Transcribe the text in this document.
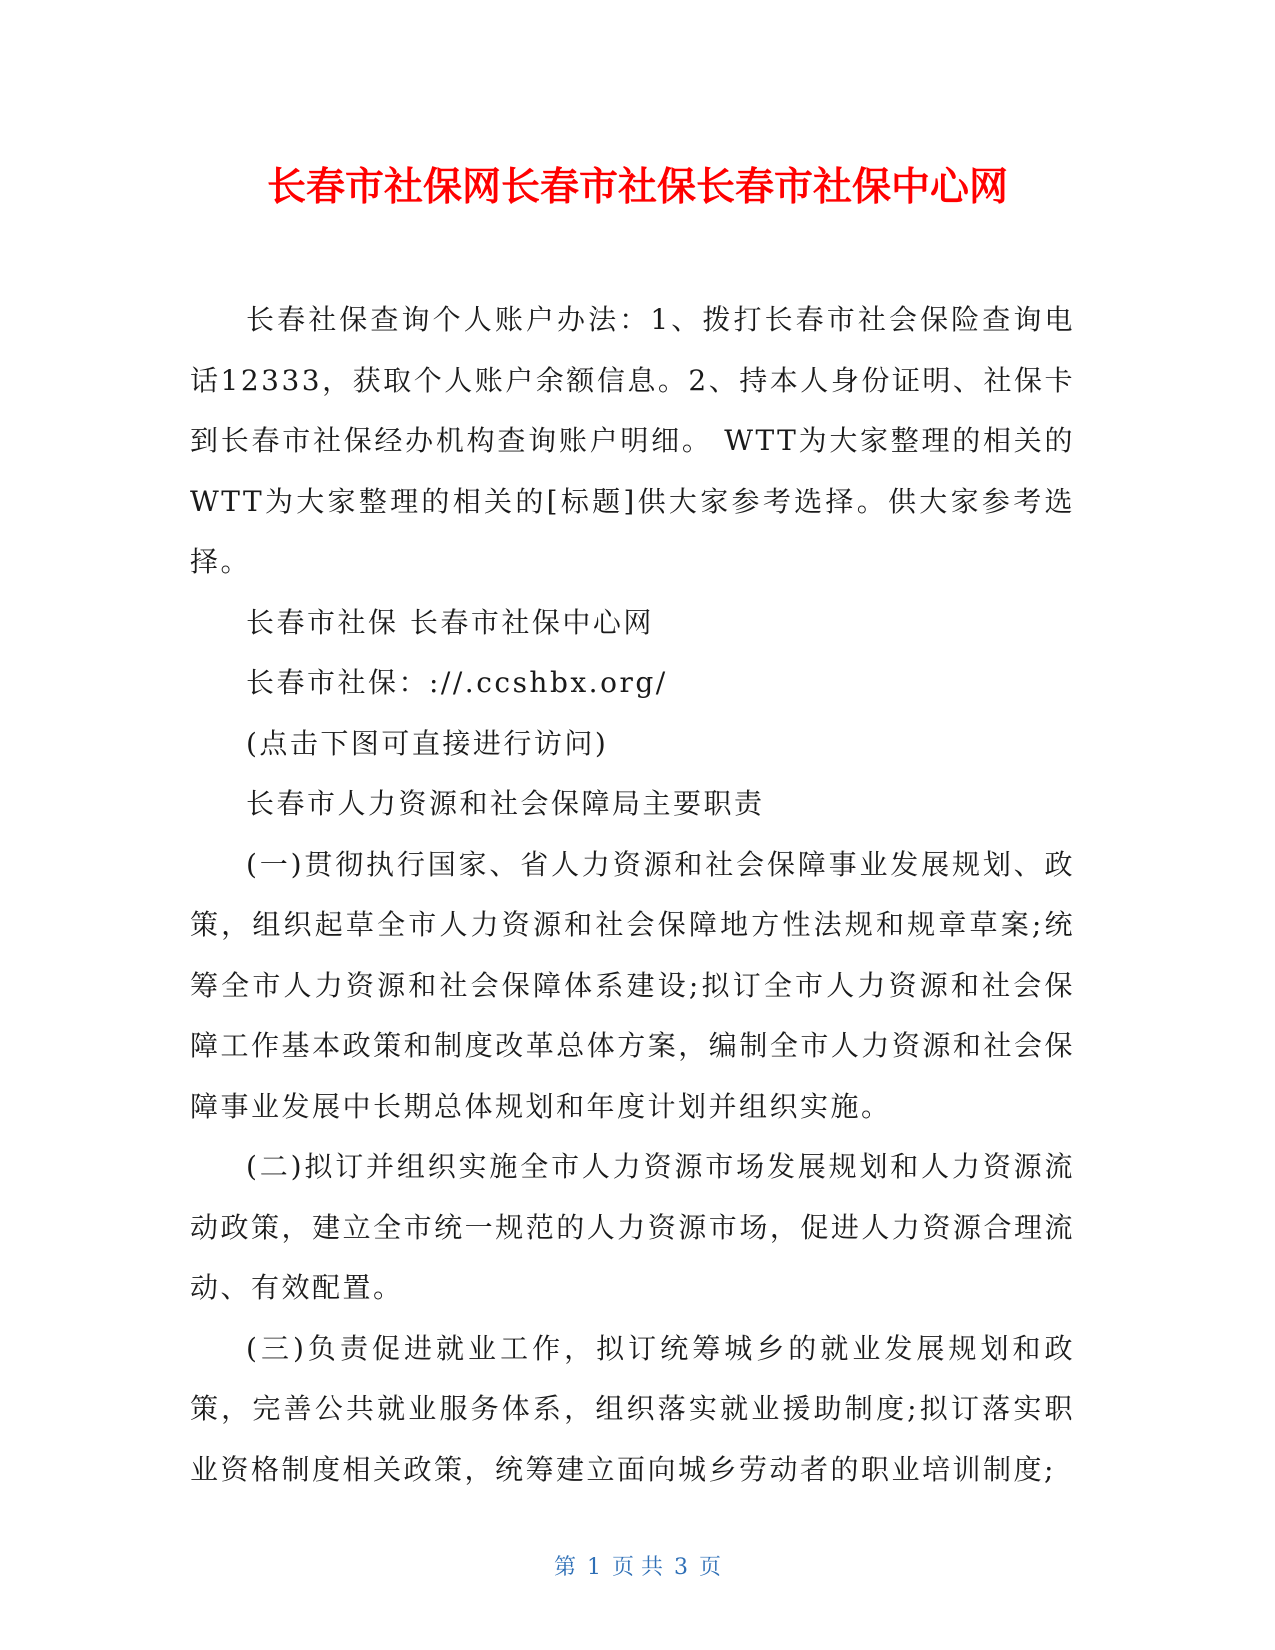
长春市社保网长春市社保长春市社保中心网

长春社保查询个人账户办法：1、拨打长春市社会保险查询电话12333，获取个人账户余额信息。2、持本人身份证明、社保卡到长春市社保经办机构查询账户明细。 WTT为大家整理的相关的WTT为大家整理的相关的[标题]供大家参考选择。供大家参考选择。

长春市社保 长春市社保中心网

长春市社保：://.ccshbx.org/

(点击下图可直接进行访问)

长春市人力资源和社会保障局主要职责

(一)贯彻执行国家、省人力资源和社会保障事业发展规划、政策，组织起草全市人力资源和社会保障地方性法规和规章草案;统筹全市人力资源和社会保障体系建设;拟订全市人力资源和社会保障工作基本政策和制度改革总体方案，编制全市人力资源和社会保障事业发展中长期总体规划和年度计划并组织实施。

(二)拟订并组织实施全市人力资源市场发展规划和人力资源流动政策，建立全市统一规范的人力资源市场，促进人力资源合理流动、有效配置。

(三)负责促进就业工作，拟订统筹城乡的就业发展规划和政策，完善公共就业服务体系，组织落实就业援助制度;拟订落实职业资格制度相关政策，统筹建立面向城乡劳动者的职业培训制度;

第 1 页 共 3 页
